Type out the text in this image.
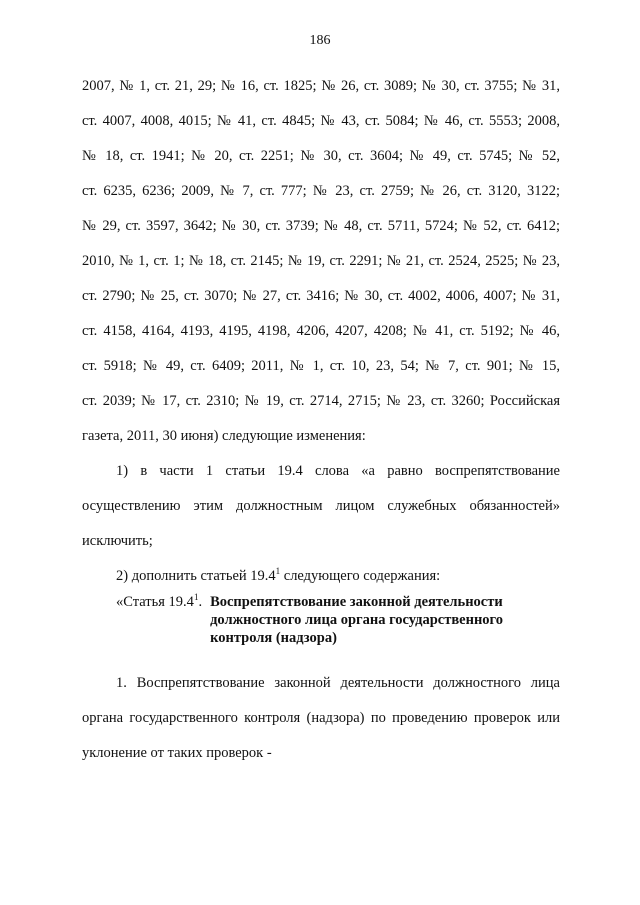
186
2007, № 1, ст. 21, 29; № 16, ст. 1825; № 26, ст. 3089; № 30, ст. 3755; № 31,
ст. 4007, 4008, 4015; № 41, ст. 4845; № 43, ст. 5084; № 46, ст. 5553; 2008,
№ 18, ст. 1941; № 20, ст. 2251; № 30, ст. 3604; № 49, ст. 5745; № 52,
ст. 6235, 6236; 2009, № 7, ст. 777; № 23, ст. 2759; № 26, ст. 3120, 3122;
№ 29, ст. 3597, 3642; № 30, ст. 3739; № 48, ст. 5711, 5724; № 52, ст. 6412;
2010, № 1, ст. 1; № 18, ст. 2145; № 19, ст. 2291; № 21, ст. 2524, 2525; № 23,
ст. 2790; № 25, ст. 3070; № 27, ст. 3416; № 30, ст. 4002, 4006, 4007; № 31,
ст. 4158, 4164, 4193, 4195, 4198, 4206, 4207, 4208; № 41, ст. 5192; № 46,
ст. 5918; № 49, ст. 6409; 2011, № 1, ст. 10, 23, 54; № 7, ст. 901; № 15,
ст. 2039; № 17, ст. 2310; № 19, ст. 2714, 2715; № 23, ст. 3260; Российская
газета, 2011, 30 июня) следующие изменения:
1) в части 1 статьи 19.4 слова «а равно воспрепятствование
осуществлению этим должностным лицом служебных обязанностей»
исключить;
2) дополнить статьей 19.4$^1$ следующего содержания:
«Статья 19.4$^1$. Воспрепятствование законной деятельности должностного лица органа государственного контроля (надзора)
1. Воспрепятствование законной деятельности должностного лица
органа государственного контроля (надзора) по проведению проверок или
уклонение от таких проверок -
